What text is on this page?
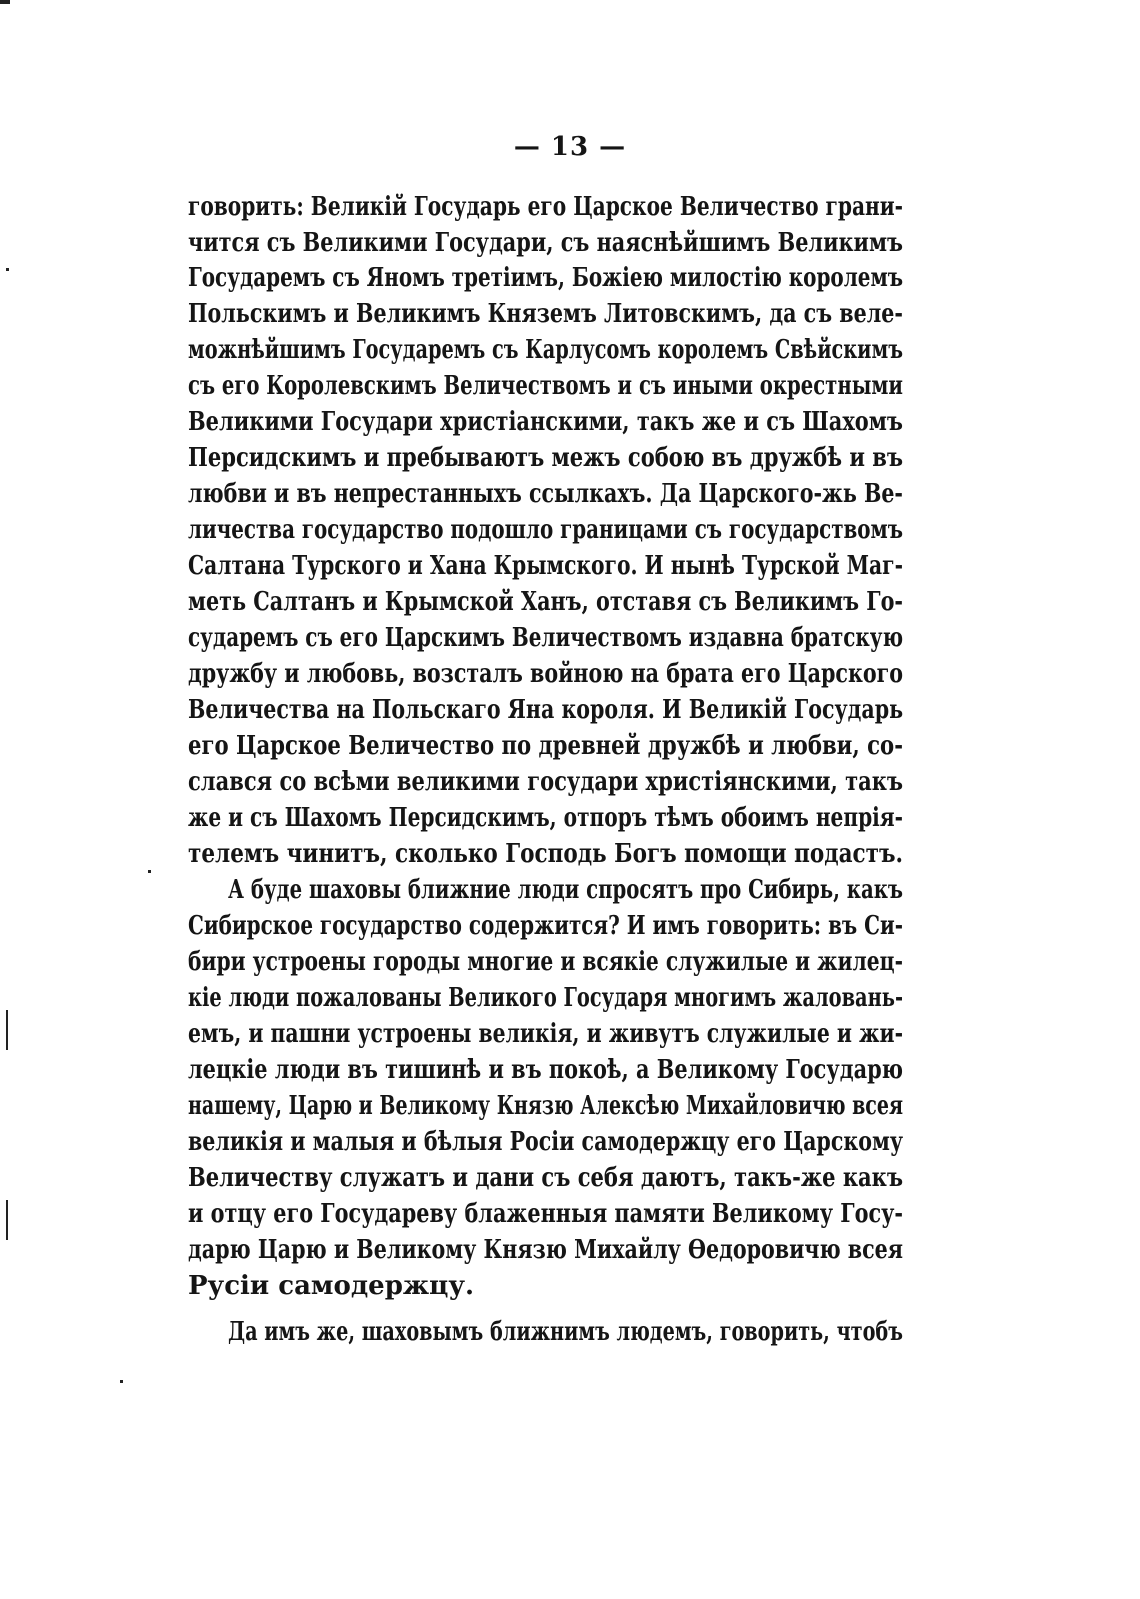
— 13 —
говорить: Великій Государь его Царское Величество грани-
чится съ Великими Государи, съ наяснѣйшимъ Великимъ
Государемъ съ Яномъ третіимъ, Божіею милостію королемъ
Польскимъ и Великимъ Княземъ Литовскимъ, да съ веле-
можнѣйшимъ Государемъ съ Карлусомъ королемъ Свѣйскимъ
съ его Королевскимъ Величествомъ и съ иными окрестными
Великими Государи христіанскими, такъ же и съ Шахомъ
Персидскимъ и пребываютъ межъ собою въ дружбѣ и въ
любви и въ непрестанныхъ ссылкахъ. Да Царского-жь Ве-
личества государство подошло границами съ государствомъ
Салтана Турского и Хана Крымского. И нынѣ Турской Маг-
меть Салтанъ и Крымской Ханъ, отставя съ Великимъ Го-
сударемъ съ его Царскимъ Величествомъ издавна братскую
дружбу и любовь, возсталъ войною на брата его Царского
Величества на Польскаго Яна короля. И Великій Государь
его Царское Величество по древней дружбѣ и любви, со-
слався со всѣми великими государи христіянскими, такъ
же и съ Шахомъ Персидскимъ, отпоръ тѣмъ обоимъ непрія-
телемъ чинитъ, сколько Господь Богъ помощи подастъ.
А буде шаховы ближние люди спросятъ про Сибирь, какъ
Сибирское государство содержится? И имъ говорить: въ Си-
бири устроены городы многие и всякіе служилые и жилец-
кіе люди пожалованы Великого Государя многимъ жаловань-
емъ, и пашни устроены великія, и живутъ служилые и жи-
лецкіе люди въ тишинѣ и въ покоѣ, а Великому Государю
нашему, Царю и Великому Князю Алексѣю Михайловичю всея
великія и малыя и бѣлыя Росіи самодержцу его Царскому
Величеству служатъ и дани съ себя даютъ, такъ-же какъ
и отцу его Государеву блаженныя памяти Великому Госу-
дарю Царю и Великому Князю Михайлу Ѳедоровичю всея
Русіи самодержцу.
Да имъ же, шаховымъ ближнимъ людемъ, говорить, чтобъ
